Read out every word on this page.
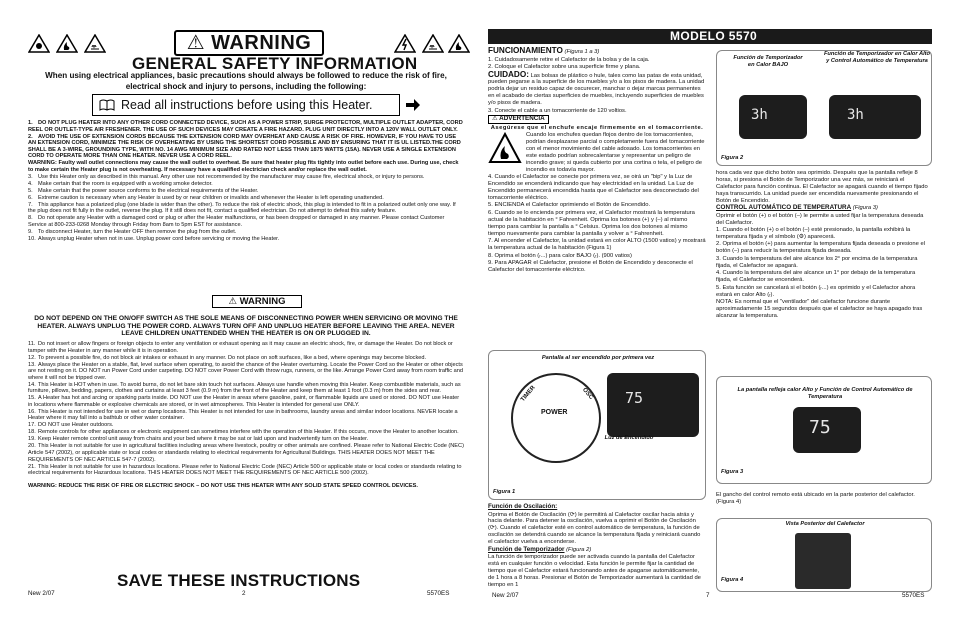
⚠ WARNING
GENERAL SAFETY INFORMATION
When using electrical appliances, basic precautions should always be followed to reduce the risk of fire, electrical shock and injury to persons, including the following:
Read all instructions before using this Heater.

1. DO NOT PLUG HEATER INTO ANY OTHER CORD CONNECTED DEVICE, SUCH AS A POWER STRIP, SURGE PROTECTOR, MULTIPLE OUTLET ADAPTER, CORD REEL OR OUTLET-TYPE AIR FRESHENER. THE USE OF SUCH DEVICES MAY CREATE A FIRE HAZARD. PLUG UNIT DIRECTLY INTO A 120V WALL OUTLET ONLY.

2. AVOID THE USE OF EXTENSION CORDS BECAUSE THE EXTENSION CORD MAY OVERHEAT AND CAUSE A RISK OF FIRE. HOWEVER, IF YOU HAVE TO USE AN EXTENSION CORD, MINIMIZE THE RISK OF OVERHEATING BY USING THE SHORTEST CORD POSSIBLE AND BY ENSURING THAT IT IS UL LISTED.THE CORD SHALL BE A 3-WIRE, GROUNDING TYPE, WITH NO. 14 AWG MINIMUM SIZE AND RATED NOT LESS THAN 1875 WATTS (15A). NEVER USE A SINGLE EXTENSION CORD TO OPERATE MORE THAN ONE HEATER. NEVER USE A CORD REEL.

WARNING: Faulty wall outlet connections may cause the wall outlet to overheat. Be sure that heater plug fits tightly into outlet before each use. During use, check to make certain the Heater plug is not overheating. If necessary have a qualified electrician check and/or replace the wall outlet.

3. Use this Heater only as described in this manual. Any other use not recommended by the manufacturer may cause fire, electrical shock, or injury to persons.

4. Make certain that the room is equipped with a working smoke detector.

5. Make certain that the power source conforms to the electrical requirements of the Heater.

6. Extreme caution is necessary when any Heater is used by or near children or invalids and whenever the Heater is left operating unattended.

7. This appliance has a polarized plug (one blade is wider than the other). To reduce the risk of electric shock, this plug is intended to fit in a polarized outlet only one way. If the plug does not fit fully in the outlet, reverse the plug. If it still does not fit, contact a qualified electrician. Do not attempt to defeat this safety feature.

8. Do not operate any Heater with a damaged cord or plug or after the Heater malfunctions, or has been dropped or damaged in any manner. Please contact Customer Service at 800-233-0268 Monday through Friday from 8am to 5pm EST for assistance.

9. To disconnect Heater, turn the Heater OFF then remove the plug from the outlet.

10. Always unplug Heater when not in use. Unplug power cord before servicing or moving the Heater.

⚠ WARNING
DO NOT DEPEND ON THE ON/OFF SWITCH AS THE SOLE MEANS OF DISCONNECTING POWER WHEN SERVICING OR MOVING THE HEATER. ALWAYS UNPLUG THE POWER CORD. ALWAYS TURN OFF AND UNPLUG HEATER BEFORE LEAVING THE AREA. NEVER LEAVE CHILDREN UNATTENDED WHEN THE HEATER IS ON OR PLUGGED IN.

11. Do not insert or allow fingers or foreign objects to enter any ventilation or exhaust opening as it may cause an electric shock, fire, or damage the Heater. Do not block or tamper with the Heater in any manner while it is in operation.

12. To prevent a possible fire, do not block air intakes or exhaust in any manner. Do not place on soft surfaces, like a bed, where openings may become blocked.

13. Always place the Heater on a stable, flat, level surface when operating, to avoid the chance of the Heater overturning. Locate the Power Cord so the Heater or other objects are not resting on it. DO NOT run Power Cord under carpeting. DO NOT cover Power Cord with throw rugs, runners, or the like. Arrange Power Cord away from room traffic and where it will not be tripped over.

14. This Heater is HOT when in use. To avoid burns, do not let bare skin touch hot surfaces. Always use handle when moving this Heater. Keep combustible materials, such as furniture, pillows, bedding, papers, clothes and curtains at least 3 feet (0.9 m) from the front of the Heater and keep them at least 1 foot (0.3 m) from the sides and rear.

15. A Heater has hot and arcing or sparking parts inside. DO NOT use the Heater in areas where gasoline, paint, or flammable liquids are used or stored. DO NOT use Heater in locations where flammable or explosive chemicals are stored, or in wet atmospheres. This Heater is intended for general use ONLY.

16. This Heater is not intended for use in wet or damp locations. This Heater is not intended for use in bathrooms, laundry areas and similar indoor locations. NEVER locate a Heater where it may fall into a bathtub or other water container.

17. DO NOT use Heater outdoors.

18. Remote controls for other appliances or electronic equipment can sometimes interfere with the operation of this Heater. If this occurs, move the Heater to another location.

19. Keep Heater remote control unit away from chairs and your bed where it may be sat or laid upon and inadvertently turn on the Heater.

20. This Heater is not suitable for use in agricultural facilities including areas where livestock, poultry or other animals are confined. Please refer to National Electric Code (NEC) Article 547 (2002), or applicable state or local codes or standards relating to electrical requirements for Agricultural Buildings. THIS HEATER DOES NOT MEET THE REQUIREMENTS OF NEC ARTICLE 547-7 (2002).

21. This Heater is not suitable for use in hazardous locations. Please refer to National Electric Code (NEC) Article 500 or applicable state or local codes or standards relating to electrical requirements for Hazardous locations. THIS HEATER DOES NOT MEET THE REQUIREMENTS OF NEC ARTICLE 500 (2002).

WARNING: REDUCE THE RISK OF FIRE OR ELECTRIC SHOCK – DO NOT USE THIS HEATER WITH ANY SOLID STATE SPEED CONTROL DEVICES.

SAVE THESE INSTRUCTIONS
New 2/07	2	5570ES
MODELO 5570

FUNCIONAMIENTO (Figura 1 a 3)

1. Cuidadosamente retire el Calefactor de la bolsa y de la caja.

2. Coloque el Calefactor sobre una superficie firme y plana.

CUIDADO: Las bolsas de plástico o hule, tales como las patas de esta unidad, pueden pegarse a la superficie de los muebles y/o a los pisos de madera. La unidad podría dejar un residuo capaz de oscurecer, manchar o dejar marcas permanentes en el acabado de ciertas superficies de muebles, incluyendo superficies de muebles y/o pisos de madera.

3. Conecte el cable a un tomacorriente de 120 voltios.

⚠ ADVERTENCIA

Asegúrese que el enchufe encaje firmemente en el tomacorriente.

Cuando los enchufes quedan flojos dentro de los tomacorrientes, podrían desplazarse parcial o completamente fuera del tomacorriente con el menor movimiento del cable adosado. Los tomacorrientes en este estado podrían sobrecalentarse y representar un peligro de incendio grave; si queda cubierto por una cortina o tela, el peligro de incendio es todavía mayor.

4. Cuando el Calefactor se conecte por primera vez, se oirá un "bip" y la Luz de Encendido se encenderá indicando que hay electricidad en la unidad. La Luz de Encendido permanecerá encendida hasta que el Calefactor sea desconectado del tomacorriente eléctrico.

5. ENCIENDA el Calefactor oprimiendo el Botón de Encendido.

6. Cuando se lo encienda por primera vez, el Calefactor mostrará la temperatura actual de la habitación en ° Fahrenheit. Oprima los botones (+) y (–) al mismo tiempo para cambiar la pantalla a ° Celsius. Oprima los dos botones al mismo tiempo nuevamente para cambiar la pantalla y volver a ° Fahrenheit.

7. Al encender el Calefactor, la unidad estará en color ALTO (1500 vatios) y mostrará la temperatura actual de la habitación (Figura 1)

8. Oprima el botón (ᵣ...) para calor BAJO (ᵣ). (900 vatios)

9. Para APAGAR el Calefactor, presione el Botón de Encendido y desconecte el Calefactor del tomacorriente eléctrico.

Función de Temporizador en Calor BAJO
Función de Temporizador en Calor Alto y Control Automático de Temperatura
3h	3h
Figura 2

hora cada vez que dicho botón sea oprimido. Después que la pantalla refleje 8 horas, si presiona el Botón de Temporizador una vez más, se reiniciará el Calefactor para función continua. El Calefactor se apagará cuando el tiempo fijado haya transcurrido. La unidad puede ser encendida nuevamente presionando el Botón de Encendido.

CONTROL AUTOMÁTICO DE TEMPERATURA (Figura 3)

Oprimir el botón (+) o el botón (–) le permite a usted fijar la temperatura deseada del Calefactor.

1. Cuando el botón (+) o el botón (–) esté presionado, la pantalla exhibirá la temperatura fijada y el símbolo (⚙) aparecerá.

2. Oprima el botón (+) para aumentar la temperatura fijada deseada o presione el botón (–) para reducir la temperatura fijada deseada.

3. Cuando la temperatura del aire alcance los 2° por encima de la temperatura fijada, el Calefactor se apagará.

4. Cuando la temperatura del aire alcance un 1° por debajo de la temperatura fijada, el Calefactor se encenderá.

5. Esta función se cancelará si el botón (ᵣ...) es oprimido y el Calefactor ahora estará en calor Alto (ᵣ).

NOTA: Es normal que el "ventilador" del calefactor funcione durante aproximadamente 15 segundos después que el calefactor se haya apagado tras alcanzar la temperatura.

Pantalla al ser encendido por primera vez
POWER
TIMER	OSC 75
Luz de Encendido
Figura 1
La pantalla refleja calor Alto y Función de Control Automático de Temperatura
75
Figura 3

Función de Oscilación:

Oprima el Botón de Oscilación (⟳) le permitirá al Calefactor oscilar hacia atrás y hacia delante. Para detener la oscilación, vuelva a oprimir el Botón de Oscilación (⟳). Cuando el calefactor esté en control automático de temperatura, la función de oscilación se detendrá cuando se alcance la temperatura fijada y reiniciará cuando el calefactor vuelva a encenderse.

Función de Temporizador (Figura 2)

La función de temporizador puede ser activada cuando la pantalla del Calefactor está en cualquier función o velocidad. Esta función le permite fijar la cantidad de tiempo que el Calefactor estará funcionando antes de apagarse automáticamente, de 1 hora a 8 horas. Presionar el Botón de Temporizador aumentará la cantidad de tiempo en 1

El gancho del control remoto está ubicado en la parte posterior del calefactor. (Figura 4)
Vista Posterior del Calefactor
Figura 4
New 2/07	7	5570ES
